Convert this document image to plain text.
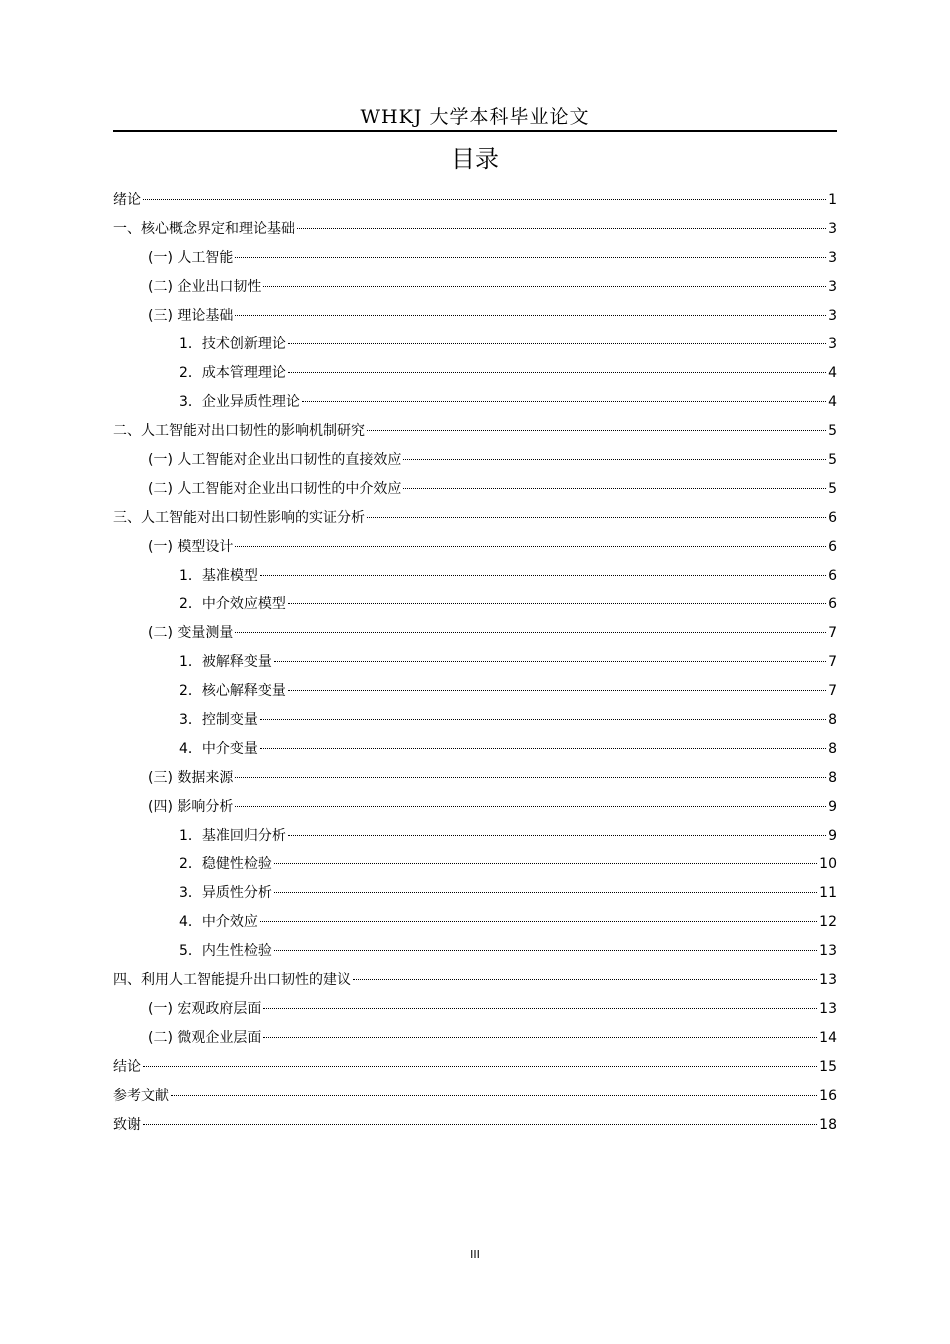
WHKJ 大学本科毕业论文
目录
绪论	1
一、核心概念界定和理论基础	3
(一) 人工智能	3
(二) 企业出口韧性	3
(三) 理论基础	3
1．技术创新理论	3
2．成本管理理论	4
3．企业异质性理论	4
二、人工智能对出口韧性的影响机制研究	5
(一) 人工智能对企业出口韧性的直接效应	5
(二) 人工智能对企业出口韧性的中介效应	5
三、人工智能对出口韧性影响的实证分析	6
(一) 模型设计	6
1．基准模型	6
2．中介效应模型	6
(二) 变量测量	7
1．被解释变量	7
2．核心解释变量	7
3．控制变量	8
4．中介变量	8
(三) 数据来源	8
(四) 影响分析	9
1．基准回归分析	9
2．稳健性检验	10
3．异质性分析	11
4．中介效应	12
5．内生性检验	13
四、利用人工智能提升出口韧性的建议	13
(一) 宏观政府层面	13
(二) 微观企业层面	14
结论	15
参考文献	16
致谢	18
III
